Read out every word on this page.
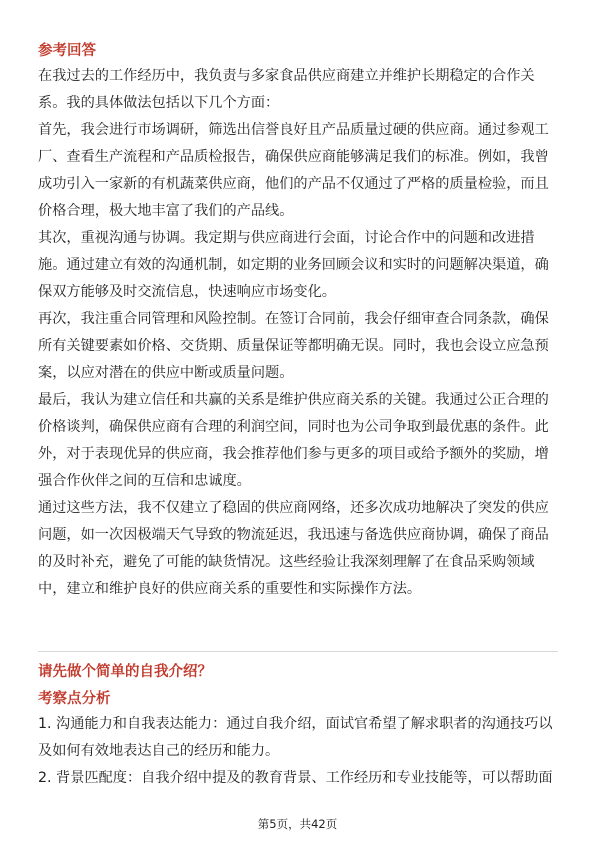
参考回答
在我过去的工作经历中，我负责与多家食品供应商建立并维护长期稳定的合作关
系。我的具体做法包括以下几个方面：
首先，我会进行市场调研，筛选出信誉良好且产品质量过硬的供应商。通过参观工
厂、查看生产流程和产品质检报告，确保供应商能够满足我们的标准。例如，我曾
成功引入一家新的有机蔬菜供应商，他们的产品不仅通过了严格的质量检验，而且
价格合理，极大地丰富了我们的产品线。
其次，重视沟通与协调。我定期与供应商进行会面，讨论合作中的问题和改进措
施。通过建立有效的沟通机制，如定期的业务回顾会议和实时的问题解决渠道，确
保双方能够及时交流信息，快速响应市场变化。
再次，我注重合同管理和风险控制。在签订合同前，我会仔细审查合同条款，确保
所有关键要素如价格、交货期、质量保证等都明确无误。同时，我也会设立应急预
案，以应对潜在的供应中断或质量问题。
最后，我认为建立信任和共赢的关系是维护供应商关系的关键。我通过公正合理的
价格谈判，确保供应商有合理的利润空间，同时也为公司争取到最优惠的条件。此
外，对于表现优异的供应商，我会推荐他们参与更多的项目或给予额外的奖励，增
强合作伙伴之间的互信和忠诚度。
通过这些方法，我不仅建立了稳固的供应商网络，还多次成功地解决了突发的供应
问题，如一次因极端天气导致的物流延迟，我迅速与备选供应商协调，确保了商品
的及时补充，避免了可能的缺货情况。这些经验让我深刻理解了在食品采购领域
中，建立和维护良好的供应商关系的重要性和实际操作方法。
请先做个简单的自我介绍？
考察点分析
1. 沟通能力和自我表达能力：通过自我介绍，面试官希望了解求职者的沟通技巧以
及如何有效地表达自己的经历和能力。
2. 背景匹配度：自我介绍中提及的教育背景、工作经历和专业技能等，可以帮助面
第5页，共42页
